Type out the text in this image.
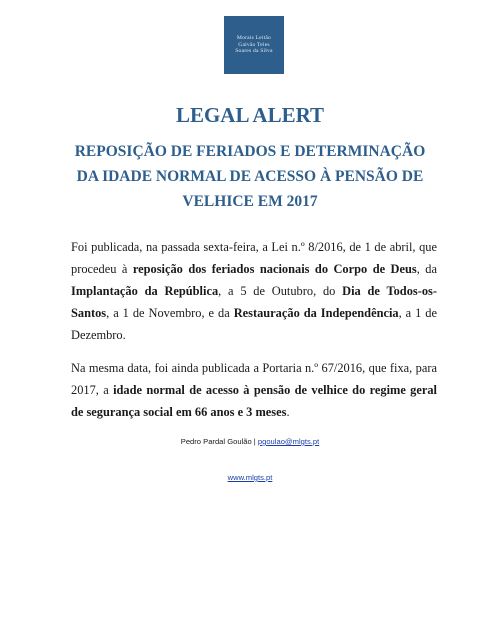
Morais Leitão
Galvão Teles
Soares da Silva
LEGAL ALERT
REPOSIÇÃO DE FERIADOS E DETERMINAÇÃO
DA IDADE NORMAL DE ACESSO À PENSÃO DE
VELHICE EM 2017

Foi publicada, na passada sexta-feira, a Lei n.º 8/2016, de 1 de abril, que procedeu à reposição dos feriados nacionais do Corpo de Deus, da Implantação da República, a 5 de Outubro, do Dia de Todos-os-Santos, a 1 de Novembro, e da Restauração da Independência, a 1 de Dezembro.

Na mesma data, foi ainda publicada a Portaria n.º 67/2016, que fixa, para 2017, a idade normal de acesso à pensão de velhice do regime geral de segurança social em 66 anos e 3 meses.

Pedro Pardal Goulão | pgoulao@mlgts.pt
www.mlgts.pt
